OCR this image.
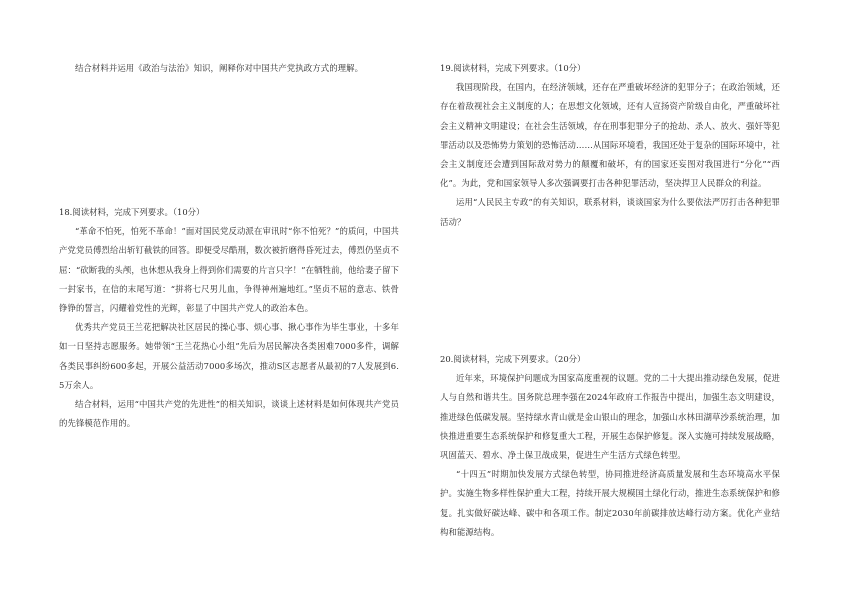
结合材料并运用《政治与法治》知识，阐释你对中国共产党执政方式的理解。

18.阅读材料，完成下列要求。（10分）

“革命不怕死，怕死不革命！”面对国民党反动派在审讯时“你不怕死？”的质问，中国共产党党员傅烈给出斩钉截铁的回答。即便受尽酷刑，数次被折磨得昏死过去，傅烈仍坚贞不屈：“砍断我的头颅，也休想从我身上得到你们需要的片言只字！”在牺牲前，他给妻子留下一封家书，在信的末尾写道：“拼将七尺男儿血，争得神州遍地红。”坚贞不屈的意志、铁骨铮铮的誓言，闪耀着党性的光辉，彰显了中国共产党人的政治本色。

优秀共产党员王兰花把解决社区居民的操心事、烦心事、揪心事作为毕生事业，十多年如一日坚持志愿服务。她带领“王兰花热心小组”先后为居民解决各类困难7000多件，调解各类民事纠纷600多起，开展公益活动7000多场次，推动S区志愿者从最初的7人发展到6.5万余人。

结合材料，运用“中国共产党的先进性”的相关知识，谈谈上述材料是如何体现共产党员的先锋模范作用的。

19.阅读材料，完成下列要求。（10分）

我国现阶段，在国内，在经济领域，还存在严重破坏经济的犯罪分子；在政治领域，还存在着敌视社会主义制度的人；在思想文化领域，还有人宣扬资产阶级自由化，严重破坏社会主义精神文明建设；在社会生活领域，存在刑事犯罪分子的抢劫、杀人、放火、强奸等犯罪活动以及恐怖势力策划的恐怖活动……从国际环境看，我国还处于复杂的国际环境中，社会主义制度还会遭到国际敌对势力的颠覆和破坏，有的国家还妄图对我国进行“分化”“西化”。为此，党和国家领导人多次强调要打击各种犯罪活动，坚决捍卫人民群众的利益。

运用“人民民主专政”的有关知识，联系材料，谈谈国家为什么要依法严厉打击各种犯罪活动？

20.阅读材料，完成下列要求。（20分）

近年来，环境保护问题成为国家高度重视的议题。党的二十大提出推动绿色发展，促进人与自然和谐共生。国务院总理李强在2024年政府工作报告中提出，加强生态文明建设，推进绿色低碳发展。坚持绿水青山就是金山银山的理念，加强山水林田湖草沙系统治理，加快推进重要生态系统保护和修复重大工程，开展生态保护修复。深入实施可持续发展战略，巩固蓝天、碧水、净土保卫战成果，促进生产生活方式绿色转型。

“十四五”时期加快发展方式绿色转型，协同推进经济高质量发展和生态环境高水平保护。实施生物多样性保护重大工程，持续开展大规模国土绿化行动，推进生态系统保护和修复。扎实做好碳达峰、碳中和各项工作。制定2030年前碳排放达峰行动方案。优化产业结构和能源结构。
